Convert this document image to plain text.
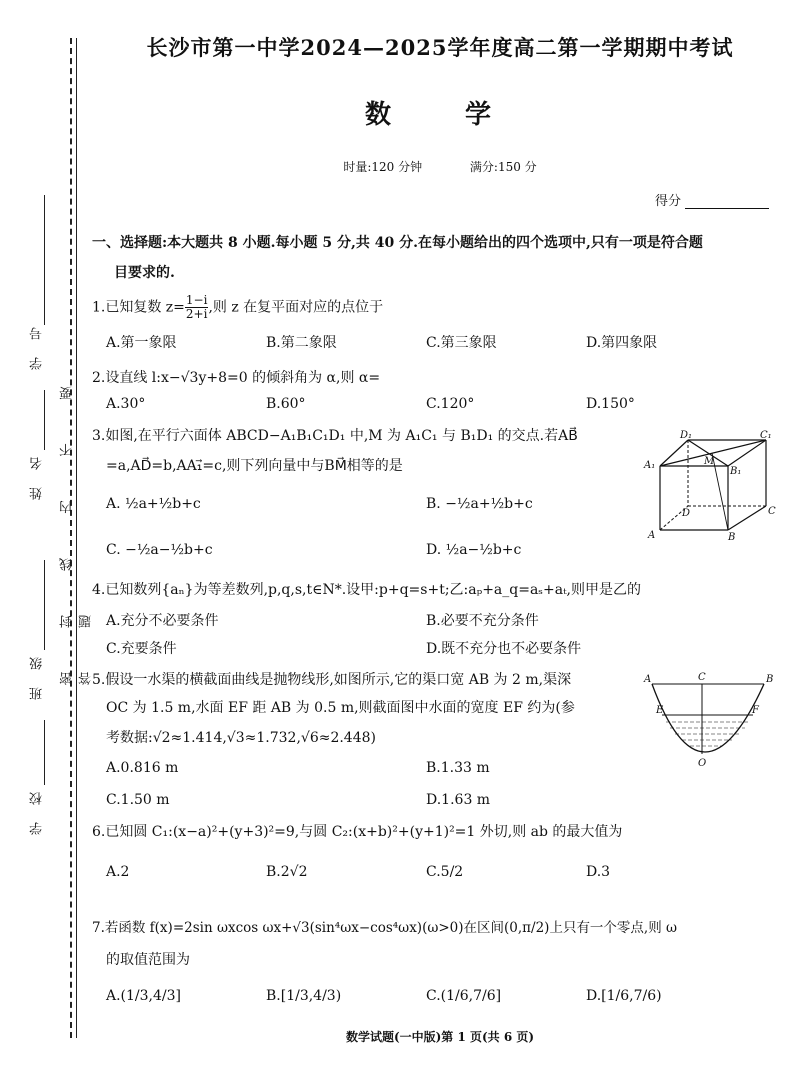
学　号
姓　名
班　级
学　校
密 封 线 内 不 要 答 题
长沙市第一中学2024—2025学年度高二第一学期期中考试
数　学
时量:120 分钟	满分:150 分
得分
一、选择题:本大题共 8 小题.每小题 5 分,共 40 分.在每小题给出的四个选项中,只有一项是符合题
目要求的.
1.已知复数 $z= \frac{1-i}{2+i}$ ,则 z 在复平面对应的点位于
A.第一象限	B.第二象限	C.第三象限	D.第四象限
2.设直线 l:x−√3y+8=0 的倾斜角为 α,则 α=
A.30°	B.60°	C.120°	D.150°
3.如图,在平行六面体 ABCD−A₁B₁C₁D₁ 中,M 为 A₁C₁ 与 B₁D₁ 的交点.若AB⃗
=a,AD⃗=b,AA₁⃗=c,则下列向量中与BM⃗相等的是
A. ½a+½b+c	B. −½a+½b+c
C. −½a−½b+c	D. ½a−½b+c
D₁	C₁
A₁	M
B₁
D	C
A	B
4.已知数列{aₙ}为等差数列,p,q,s,t∈N*.设甲:p+q=s+t;乙:aₚ+a_q=aₛ+aₜ,则甲是乙的
A.充分不必要条件	B.必要不充分条件
C.充要条件	D.既不充分也不必要条件
5.假设一水渠的横截面曲线是抛物线形,如图所示,它的渠口宽 AB 为 2 m,渠深
OC 为 1.5 m,水面 EF 距 AB 为 0.5 m,则截面图中水面的宽度 EF 约为(参
考数据:√2≈1.414,√3≈1.732,√6≈2.448)
A.0.816 m	B.1.33 m
C.1.50 m	D.1.63 m
A	C	B
E	F
O
6.已知圆 C₁:(x−a)²+(y+3)²=9,与圆 C₂:(x+b)²+(y+1)²=1 外切,则 ab 的最大值为
A.2	B.2√2	C.5/2	D.3
7.若函数 f(x)=2sin ωxcos ωx+√3(sin⁴ωx−cos⁴ωx)(ω>0)在区间(0,π/2)上只有一个零点,则 ω
的取值范围为
A.(1/3,4/3]	B.[1/3,4/3)	C.(1/6,7/6]	D.[1/6,7/6)
数学试题(一中版)第 1 页(共 6 页)
